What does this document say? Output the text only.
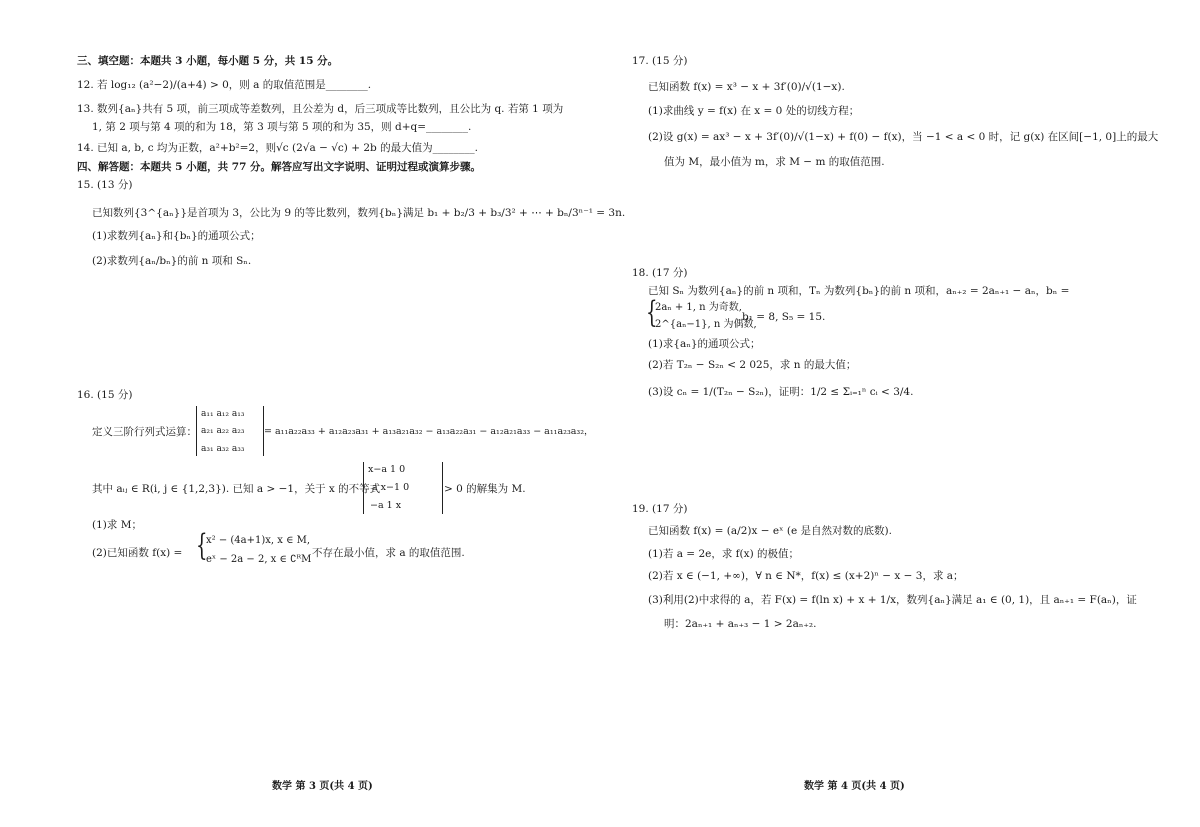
三、填空题：本题共 3 小题，每小题 5 分，共 15 分。
12. 若 log₁₂ (a²−2)/(a+4) > 0，则 a 的取值范围是________.
13. 数列{aₙ}共有 5 项，前三项成等差数列，且公差为 d，后三项成等比数列，且公比为 q. 若第 1 项为
1, 第 2 项与第 4 项的和为 18，第 3 项与第 5 项的和为 35，则 d+q=________.
14. 已知 a, b, c 均为正数，a²+b²=2，则√c (2√a − √c) + 2b 的最大值为________.
四、解答题：本题共 5 小题，共 77 分。解答应写出文字说明、证明过程或演算步骤。
15. (13 分)
已知数列{3^{aₙ}}是首项为 3，公比为 9 的等比数列，数列{bₙ}满足 b₁ + b₂/3 + b₃/3² + ⋯ + bₙ/3ⁿ⁻¹ = 3n.
(1)求数列{aₙ}和{bₙ}的通项公式；
(2)求数列{aₙ/bₙ}的前 n 项和 Sₙ.
16. (15 分)
定义三阶行列式运算：
a₁₁ a₁₂ a₁₃
a₂₁ a₂₂ a₂₃
a₃₁ a₃₂ a₃₃
= a₁₁a₂₂a₃₃ + a₁₂a₂₃a₃₁ + a₁₃a₂₁a₃₂ − a₁₃a₂₂a₃₁ − a₁₂a₂₁a₃₃ − a₁₁a₂₃a₃₂，
其中 aᵢⱼ ∈ R(i, j ∈ {1,2,3}). 已知 a > −1，关于 x 的不等式
x−a 1 0
a x−1 0
−a 1 x
> 0 的解集为 M.
(1)求 M；
(2)已知函数 f(x) = {
x² − (4a+1)x, x ∈ M,
eˣ − 2a − 2, x ∈ ∁ᴿM
不存在最小值，求 a 的取值范围.
数学 第 3 页(共 4 页)
17. (15 分)
已知函数 f(x) = x³ − x + 3f′(0)/√(1−x).
(1)求曲线 y = f(x) 在 x = 0 处的切线方程；
(2)设 g(x) = ax³ − x + 3f′(0)/√(1−x) + f(0) − f(x)，当 −1 < a < 0 时，记 g(x) 在区间[−1, 0]上的最大
值为 M，最小值为 m，求 M − m 的取值范围.
18. (17 分)
已知 Sₙ 为数列{aₙ}的前 n 项和，Tₙ 为数列{bₙ}的前 n 项和，aₙ₊₂ = 2aₙ₊₁ − aₙ，bₙ =
{
2aₙ + 1, n 为奇数,
2^{aₙ−1}, n 为偶数,
b₁ = 8, S₅ = 15.
(1)求{aₙ}的通项公式；
(2)若 T₂ₙ − S₂ₙ < 2 025，求 n 的最大值；
(3)设 cₙ = 1/(T₂ₙ − S₂ₙ)，证明：1/2 ≤ Σᵢ₌₁ⁿ cᵢ < 3/4.
19. (17 分)
已知函数 f(x) = (a/2)x − eˣ (e 是自然对数的底数).
(1)若 a = 2e，求 f(x) 的极值；
(2)若 x ∈ (−1, +∞)，∀ n ∈ N*，f(x) ≤ (x+2)ⁿ − x − 3，求 a；
(3)利用(2)中求得的 a，若 F(x) = f(ln x) + x + 1/x，数列{aₙ}满足 a₁ ∈ (0, 1)，且 aₙ₊₁ = F(aₙ)，证
明：2aₙ₊₁ + aₙ₊₃ − 1 > 2aₙ₊₂.
数学 第 4 页(共 4 页)
